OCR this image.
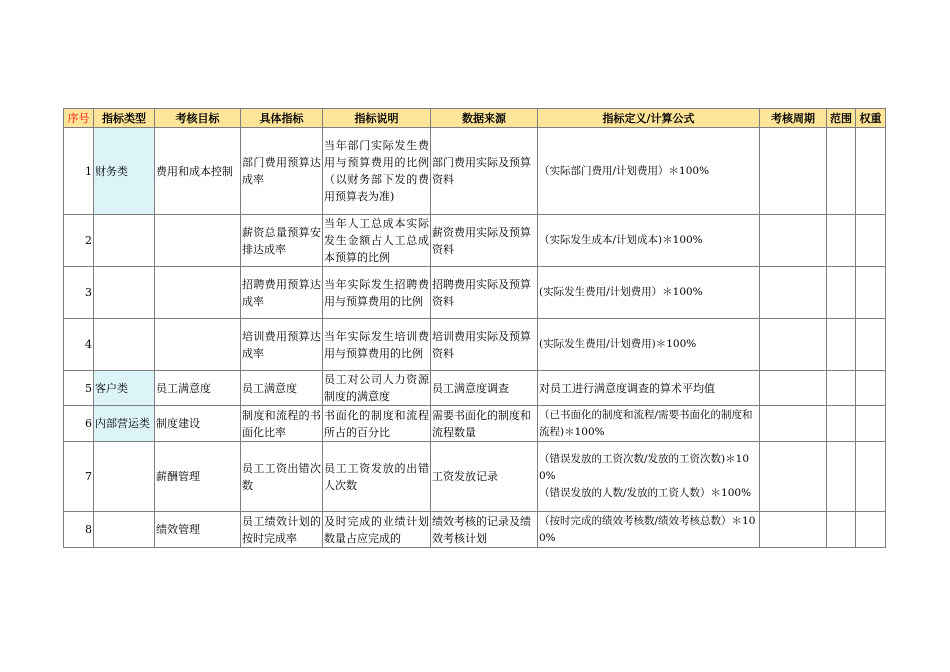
序号	指标类型	考核目标	具体指标	指标说明	数据来源	指标定义/计算公式	考核周期	范围	权重
1	财务类	费用和成本控制	部门费用预算达成率	当年部门实际发生费用与预算费用的比例（以财务部下发的费用预算表为准)	部门费用实际及预算资料	（实际部门费用/计划费用）＊100%			
2			薪资总量预算安排达成率	当年人工总成本实际发生金额占人工总成本预算的比例	薪资费用实际及预算资料	（实际发生成本/计划成本)＊100%			
3			招聘费用预算达成率	当年实际发生招聘费用与预算费用的比例	招聘费用实际及预算资料	(实际发生费用/计划费用）＊100%			
4			培训费用预算达成率	当年实际发生培训费用与预算费用的比例	培训费用实际及预算资料	(实际发生费用/计划费用)＊100%			
5	客户类	员工满意度	员工满意度	员工对公司人力资源制度的满意度	员工满意度调查	对员工进行满意度调查的算术平均值			
6	内部营运类	制度建设	制度和流程的书面化比率	书面化的制度和流程所占的百分比	需要书面化的制度和流程数量	（已书面化的制度和流程/需要书面化的制度和流程)＊100%			
7		薪酬管理	员工工资出错次数	员工工资发放的出错人次数	工资发放记录	（错误发放的工资次数/发放的工资次数)＊100%
（错误发放的人数/发放的工资人数）＊100%			
8		绩效管理	员工绩效计划的按时完成率	及时完成的业绩计划数量占应完成的	绩效考核的记录及绩效考核计划	（按时完成的绩效考核数/绩效考核总数）＊100%			
